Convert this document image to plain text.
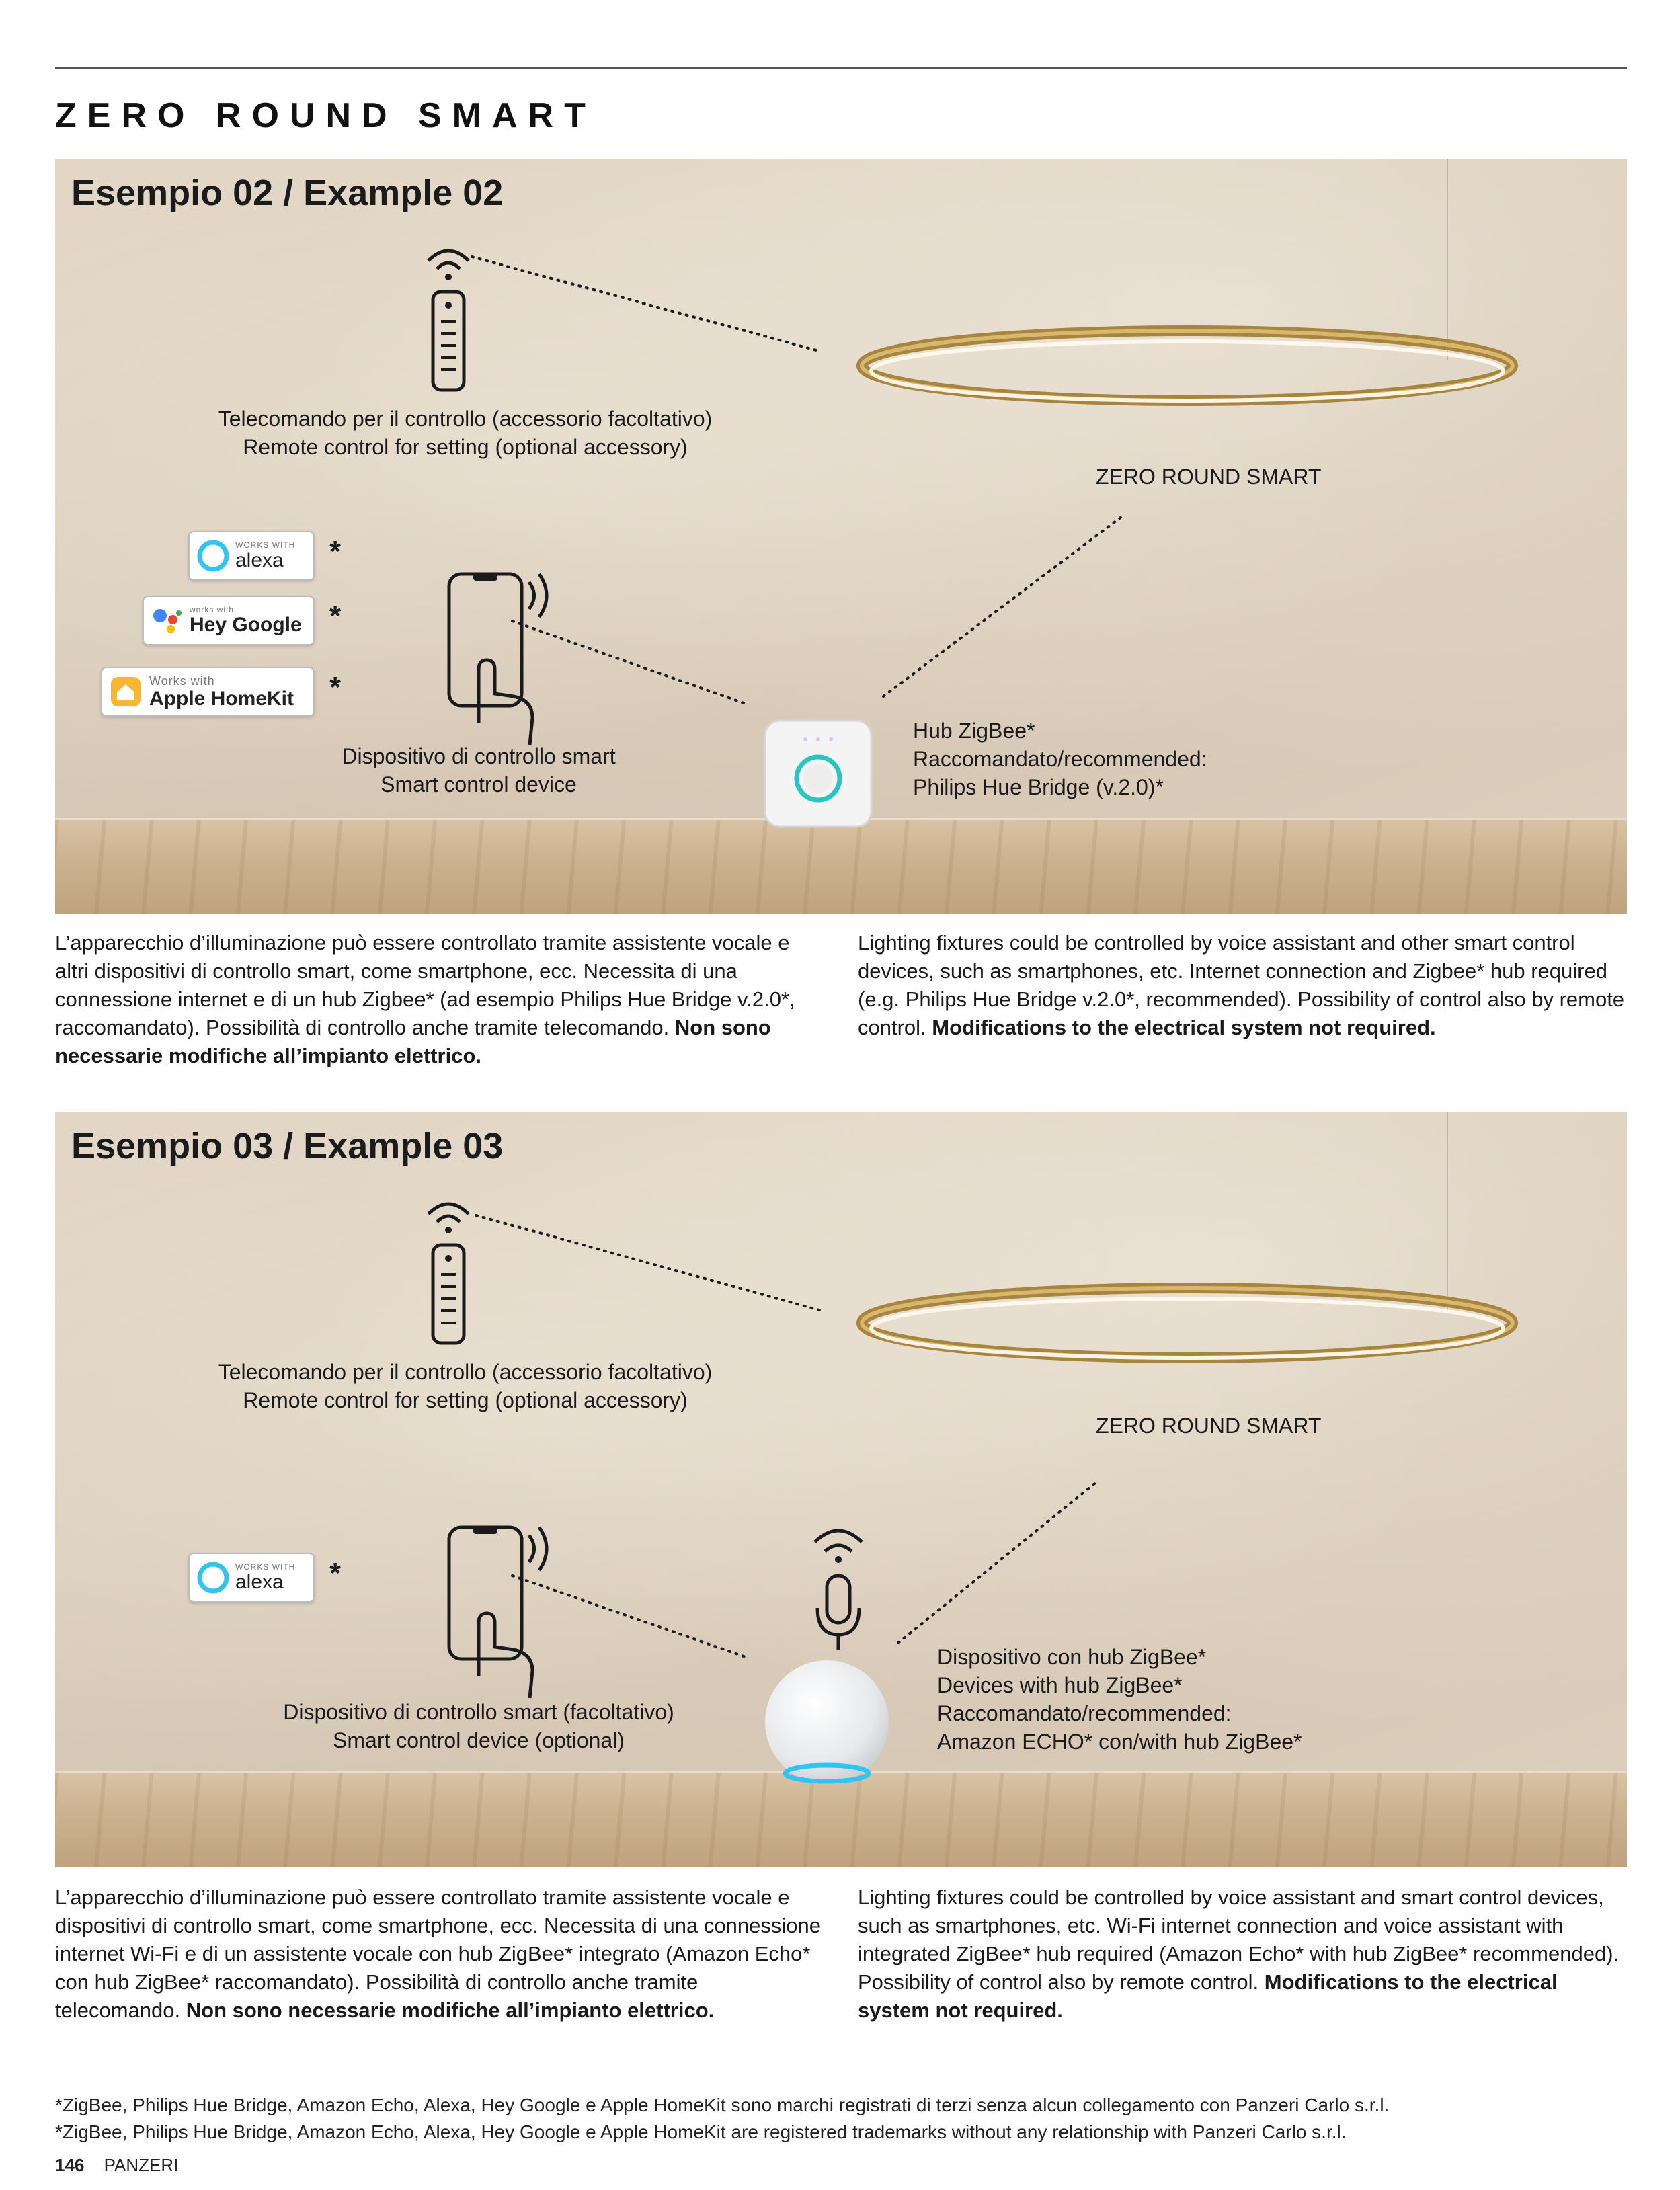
ZERO ROUND SMART
Esempio 02 / Example 02
Telecomando per il controllo (accessorio facoltativo)
Remote control for setting (optional accessory)
ZERO ROUND SMART
WORKS WITH
alexa	*
works with
Hey Google *
Works with
Apple HomeKit *
Dispositivo di controllo smart
Smart control device
Hub ZigBee*
Raccomandato/recommended:
Philips Hue Bridge (v.2.0)*
L’apparecchio d’illuminazione può essere controllato tramite assistente vocale e altri dispositivi di controllo smart, come smartphone, ecc. Necessita di una connessione internet e di un hub Zigbee* (ad esempio Philips Hue Bridge v.2.0*, raccomandato). Possibilità di controllo anche tramite telecomando. Non sono necessarie modifiche all’impianto elettrico.
Lighting fixtures could be controlled by voice assistant and other smart control devices, such as smartphones, etc. Internet connection and Zigbee* hub required (e.g. Philips Hue Bridge v.2.0*, recommended). Possibility of control also by remote control. Modifications to the electrical system not required.
Esempio 03 / Example 03
Telecomando per il controllo (accessorio facoltativo)
Remote control for setting (optional accessory)
ZERO ROUND SMART
WORKS WITH
alexa	*
Dispositivo di controllo smart (facoltativo)
Smart control device (optional)
Dispositivo con hub ZigBee*
Devices with hub ZigBee*
Raccomandato/recommended:
Amazon ECHO* con/with hub ZigBee*
L’apparecchio d’illuminazione può essere controllato tramite assistente vocale e dispositivi di controllo smart, come smartphone, ecc. Necessita di una connessione internet Wi-Fi e di un assistente vocale con hub ZigBee* integrato (Amazon Echo* con hub ZigBee* raccomandato). Possibilità di controllo anche tramite telecomando. Non sono necessarie modifiche all’impianto elettrico.
Lighting fixtures could be controlled by voice assistant and smart control devices, such as smartphones, etc. Wi-Fi internet connection and voice assistant with integrated ZigBee* hub required (Amazon Echo* with hub ZigBee* recommended). Possibility of control also by remote control. Modifications to the electrical system not required.
*ZigBee, Philips Hue Bridge, Amazon Echo, Alexa, Hey Google e Apple HomeKit sono marchi registrati di terzi senza alcun collegamento con Panzeri Carlo s.r.l.
*ZigBee, Philips Hue Bridge, Amazon Echo, Alexa, Hey Google e Apple HomeKit are registered trademarks without any relationship with Panzeri Carlo s.r.l.
146 PANZERI
